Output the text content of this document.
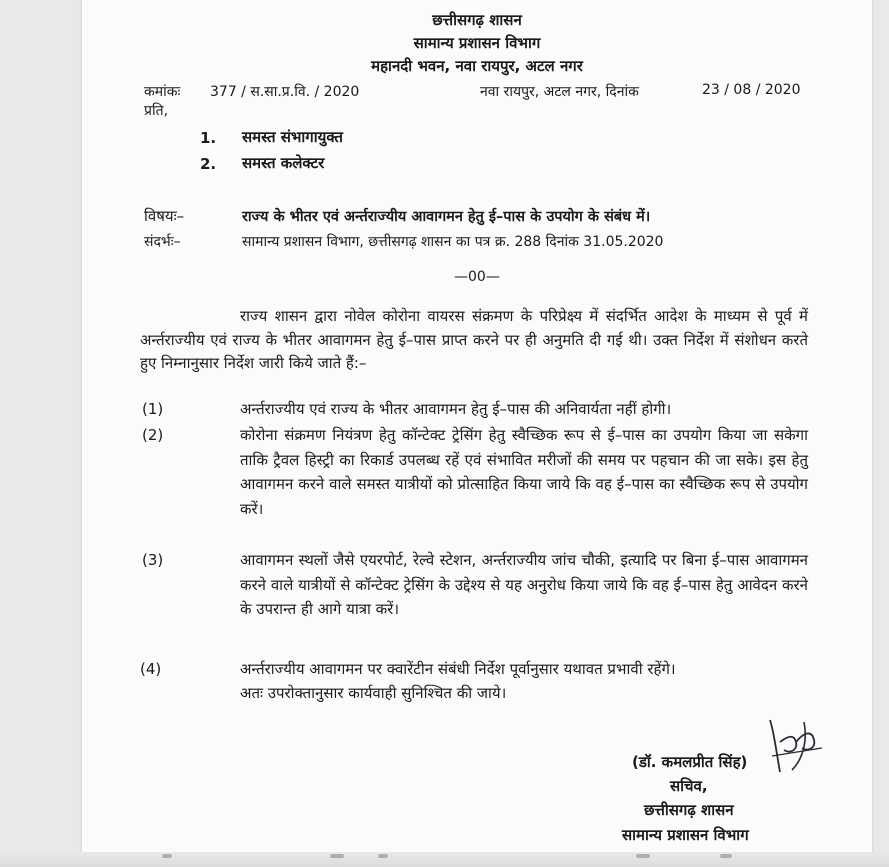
छत्तीसगढ़ शासन
सामान्य प्रशासन विभाग
महानदी भवन, नवा रायपुर, अटल नगर
कमांकः 377 / स.सा.प्र.वि. / 2020	नवा रायपुर, अटल नगर, दिनांक	23 / 08 / 2020
प्रति,
1. समस्त संभागायुक्त
2. समस्त कलेक्टर
विषयः–	राज्य के भीतर एवं अर्न्तराज्यीय आवागमन हेतु ई–पास के उपयोग के संबंध में।
संदर्भः–	सामान्य प्रशासन विभाग, छत्तीसगढ़ शासन का पत्र क्र. 288 दिनांक 31.05.2020
—00—
राज्य शासन द्वारा नोवेल कोरोना वायरस संक्रमण के परिप्रेक्ष्य में संदर्भित आदेश के माध्यम से पूर्व में अर्न्तराज्यीय एवं राज्य के भीतर आवागमन हेतु ई–पास प्राप्त करने पर ही अनुमति दी गई थी। उक्त निर्देश में संशोधन करते हुए निम्नानुसार निर्देश जारी किये जाते हैं:–
(1)	अर्न्तराज्यीय एवं राज्य के भीतर आवागमन हेतु ई–पास की अनिवार्यता नहीं होगी।
(2)	कोरोना संक्रमण नियंत्रण हेतु कॉन्टेक्ट ट्रेसिंग हेतु स्वैच्छिक रूप से ई–पास का उपयोग किया जा सकेगा ताकि ट्रैवल हिस्ट्री का रिकार्ड उपलब्ध रहें एवं संभावित मरीजों की समय पर पहचान की जा सके। इस हेतु आवागमन करने वाले समस्त यात्रीयों को प्रोत्साहित किया जाये कि वह ई–पास का स्वैच्छिक रूप से उपयोग करें।
(3)	आवागमन स्थलों जैसे एयरपोर्ट, रेल्वे स्टेशन, अर्न्तराज्यीय जांच चौकी, इत्यादि पर बिना ई–पास आवागमन करने वाले यात्रीयों से कॉन्टेक्ट ट्रेसिंग के उद्देश्य से यह अनुरोध किया जाये कि वह ई–पास हेतु आवेदन करने के उपरान्त ही आगे यात्रा करें।
(4)	अर्न्तराज्यीय आवागमन पर क्वारेंटीन संबंधी निर्देश पूर्वानुसार यथावत प्रभावी रहेंगे।
अतः उपरोक्तानुसार कार्यवाही सुनिश्चित की जाये।
(डॉ. कमलप्रीत सिंह)
सचिव,
छत्तीसगढ़ शासन
सामान्य प्रशासन विभाग
